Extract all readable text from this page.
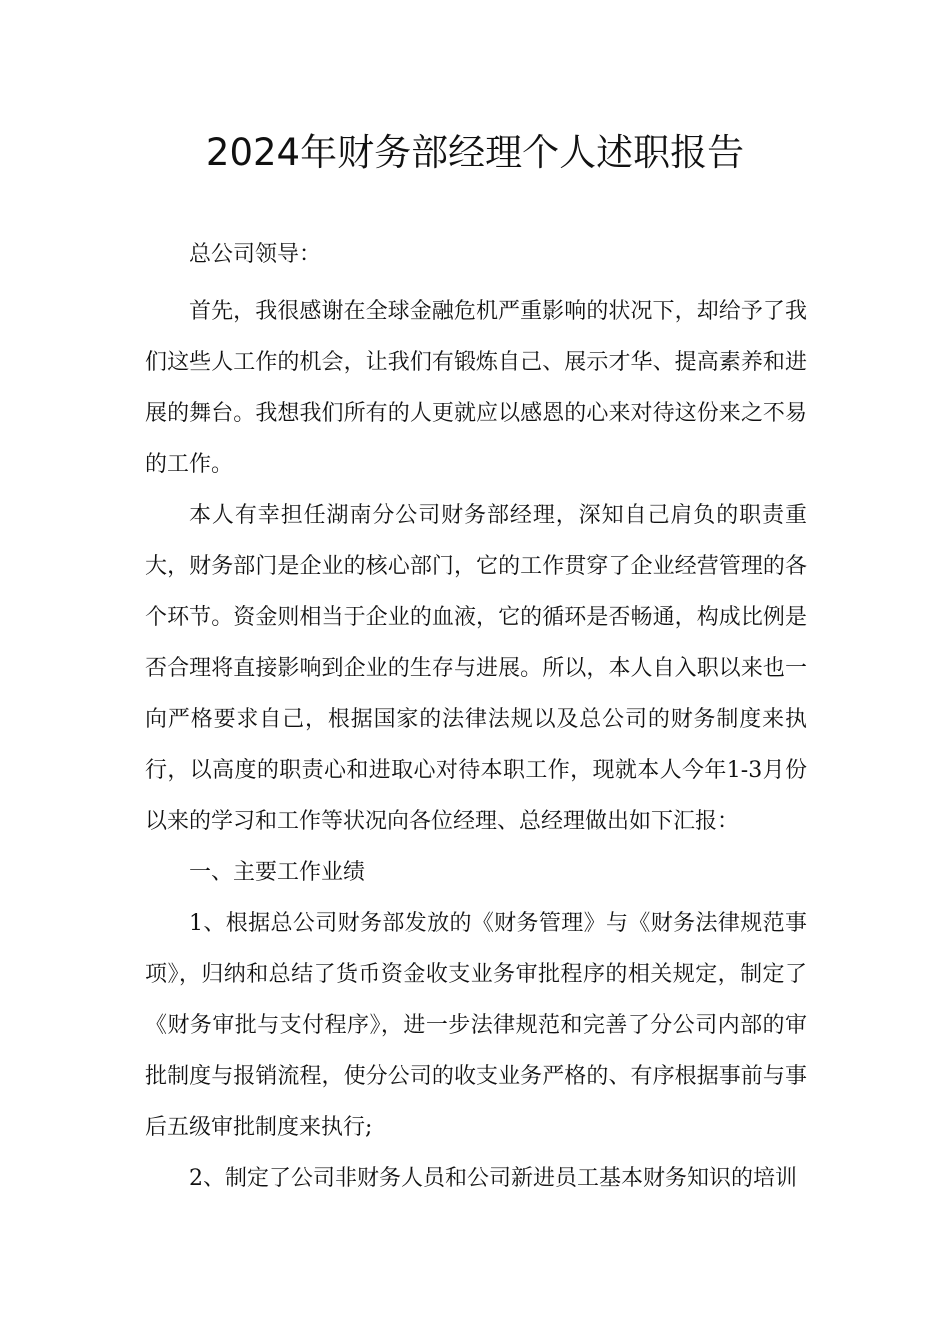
2024年财务部经理个人述职报告

总公司领导：

首先，我很感谢在全球金融危机严重影响的状况下，却给予了我们这些人工作的机会，让我们有锻炼自己、展示才华、提高素养和进展的舞台。我想我们所有的人更就应以感恩的心来对待这份来之不易的工作。

本人有幸担任湖南分公司财务部经理，深知自己肩负的职责重大，财务部门是企业的核心部门，它的工作贯穿了企业经营管理的各个环节。资金则相当于企业的血液，它的循环是否畅通，构成比例是否合理将直接影响到企业的生存与进展。所以，本人自入职以来也一向严格要求自己，根据国家的法律法规以及总公司的财务制度来执行，以高度的职责心和进取心对待本职工作，现就本人今年1-3月份以来的学习和工作等状况向各位经理、总经理做出如下汇报：

一、主要工作业绩

1、根据总公司财务部发放的《财务管理》与《财务法律规范事项》，归纳和总结了货币资金收支业务审批程序的相关规定，制定了《财务审批与支付程序》，进一步法律规范和完善了分公司内部的审批制度与报销流程，使分公司的收支业务严格的、有序根据事前与事后五级审批制度来执行;

2、制定了公司非财务人员和公司新进员工基本财务知识的培训
